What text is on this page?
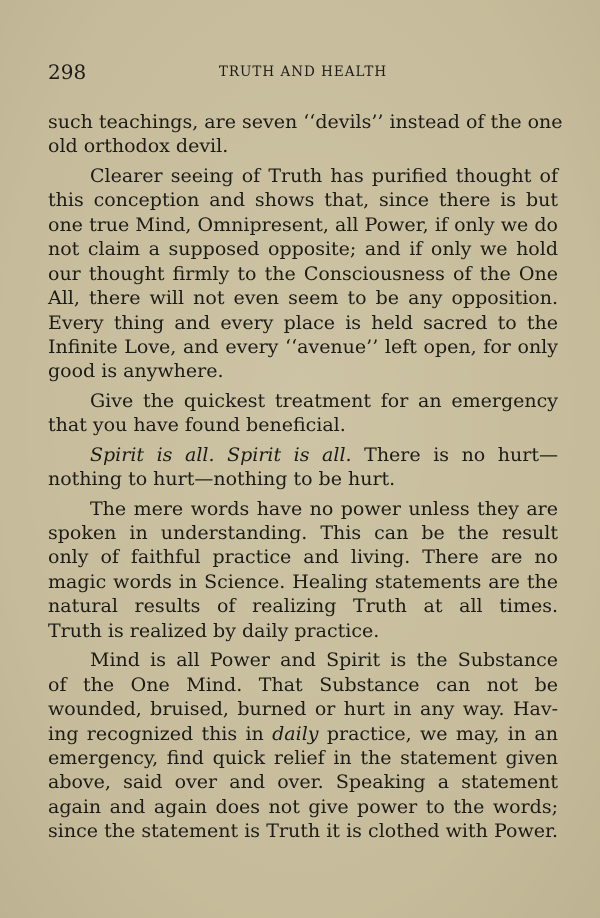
298	TRUTH AND HEALTH
such teachings, are seven ‘‘devils’’ instead of the one
old orthodox devil.
Clearer seeing of Truth has purified thought of
this conception and shows that, since there is but
one true Mind, Omnipresent, all Power, if only we do
not claim a supposed opposite; and if only we hold
our thought firmly to the Consciousness of the One
All, there will not even seem to be any opposition.
Every thing and every place is held sacred to the
Infinite Love, and every ‘‘avenue’’ left open, for only
good is anywhere.
Give the quickest treatment for an emergency
that you have found beneficial.
Spirit is all. Spirit is all. There is no hurt—
nothing to hurt—nothing to be hurt.
The mere words have no power unless they are
spoken in understanding. This can be the result
only of faithful practice and living. There are no
magic words in Science. Healing statements are the
natural results of realizing Truth at all times.
Truth is realized by daily practice.
Mind is all Power and Spirit is the Substance
of the One Mind. That Substance can not be
wounded, bruised, burned or hurt in any way. Hav-
ing recognized this in daily practice, we may, in an
emergency, find quick relief in the statement given
above, said over and over. Speaking a statement
again and again does not give power to the words;
since the statement is Truth it is clothed with Power.
